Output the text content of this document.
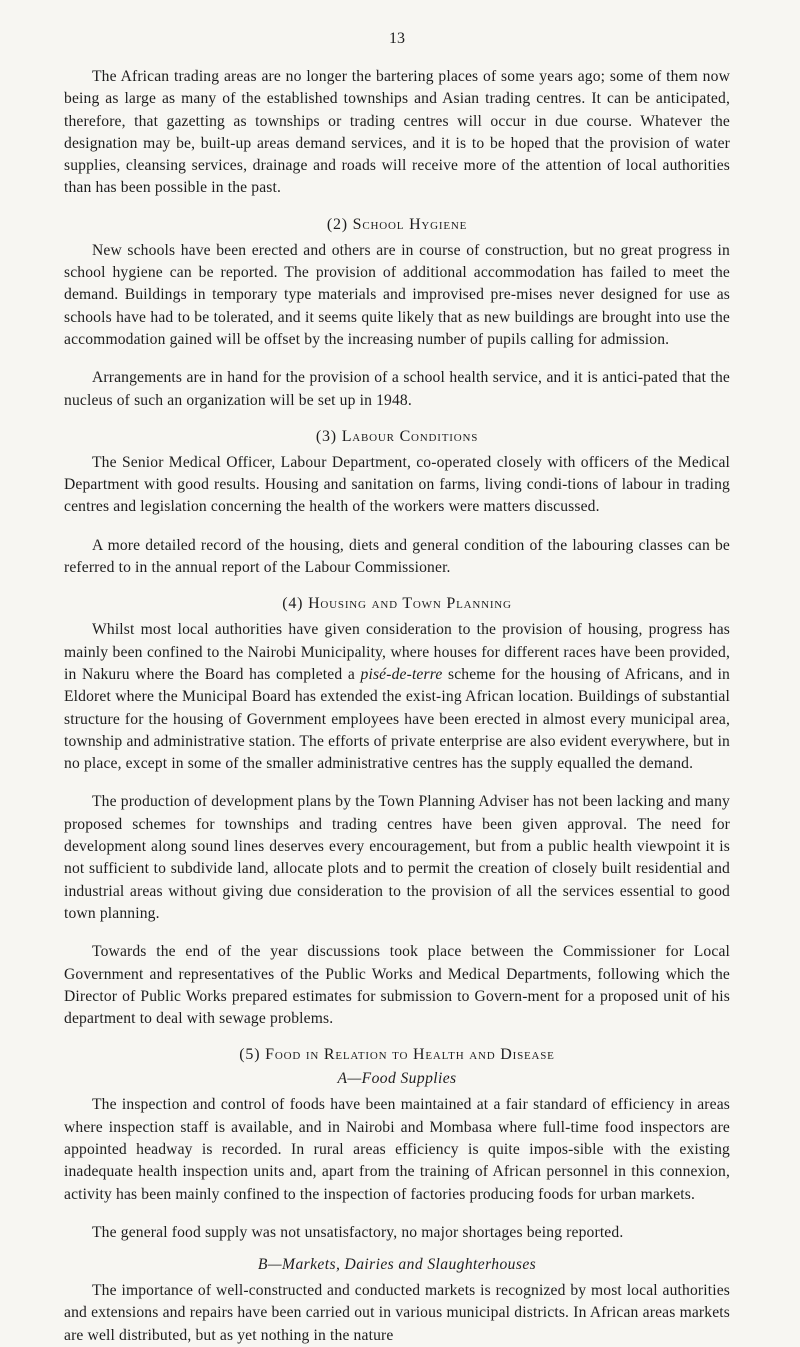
13

The African trading areas are no longer the bartering places of some years ago; some of them now being as large as many of the established townships and Asian trading centres. It can be anticipated, therefore, that gazetting as townships or trading centres will occur in due course. Whatever the designation may be, built-up areas demand services, and it is to be hoped that the provision of water supplies, cleansing services, drainage and roads will receive more of the attention of local authorities than has been possible in the past.

(2) School Hygiene

New schools have been erected and others are in course of construction, but no great progress in school hygiene can be reported. The provision of additional accommodation has failed to meet the demand. Buildings in temporary type materials and improvised pre-mises never designed for use as schools have had to be tolerated, and it seems quite likely that as new buildings are brought into use the accommodation gained will be offset by the increasing number of pupils calling for admission.

Arrangements are in hand for the provision of a school health service, and it is antici-pated that the nucleus of such an organization will be set up in 1948.

(3) Labour Conditions

The Senior Medical Officer, Labour Department, co-operated closely with officers of the Medical Department with good results. Housing and sanitation on farms, living condi-tions of labour in trading centres and legislation concerning the health of the workers were matters discussed.

A more detailed record of the housing, diets and general condition of the labouring classes can be referred to in the annual report of the Labour Commissioner.

(4) Housing and Town Planning

Whilst most local authorities have given consideration to the provision of housing, progress has mainly been confined to the Nairobi Municipality, where houses for different races have been provided, in Nakuru where the Board has completed a pisé-de-terre scheme for the housing of Africans, and in Eldoret where the Municipal Board has extended the exist-ing African location. Buildings of substantial structure for the housing of Government employees have been erected in almost every municipal area, township and administrative station. The efforts of private enterprise are also evident everywhere, but in no place, except in some of the smaller administrative centres has the supply equalled the demand.

The production of development plans by the Town Planning Adviser has not been lacking and many proposed schemes for townships and trading centres have been given approval. The need for development along sound lines deserves every encouragement, but from a public health viewpoint it is not sufficient to subdivide land, allocate plots and to permit the creation of closely built residential and industrial areas without giving due consideration to the provision of all the services essential to good town planning.

Towards the end of the year discussions took place between the Commissioner for Local Government and representatives of the Public Works and Medical Departments, following which the Director of Public Works prepared estimates for submission to Govern-ment for a proposed unit of his department to deal with sewage problems.

(5) Food in Relation to Health and Disease
A—Food Supplies

The inspection and control of foods have been maintained at a fair standard of efficiency in areas where inspection staff is available, and in Nairobi and Mombasa where full-time food inspectors are appointed headway is recorded. In rural areas efficiency is quite impos-sible with the existing inadequate health inspection units and, apart from the training of African personnel in this connexion, activity has been mainly confined to the inspection of factories producing foods for urban markets.

The general food supply was not unsatisfactory, no major shortages being reported.

B—Markets, Dairies and Slaughterhouses

The importance of well-constructed and conducted markets is recognized by most local authorities and extensions and repairs have been carried out in various municipal districts. In African areas markets are well distributed, but as yet nothing in the nature
